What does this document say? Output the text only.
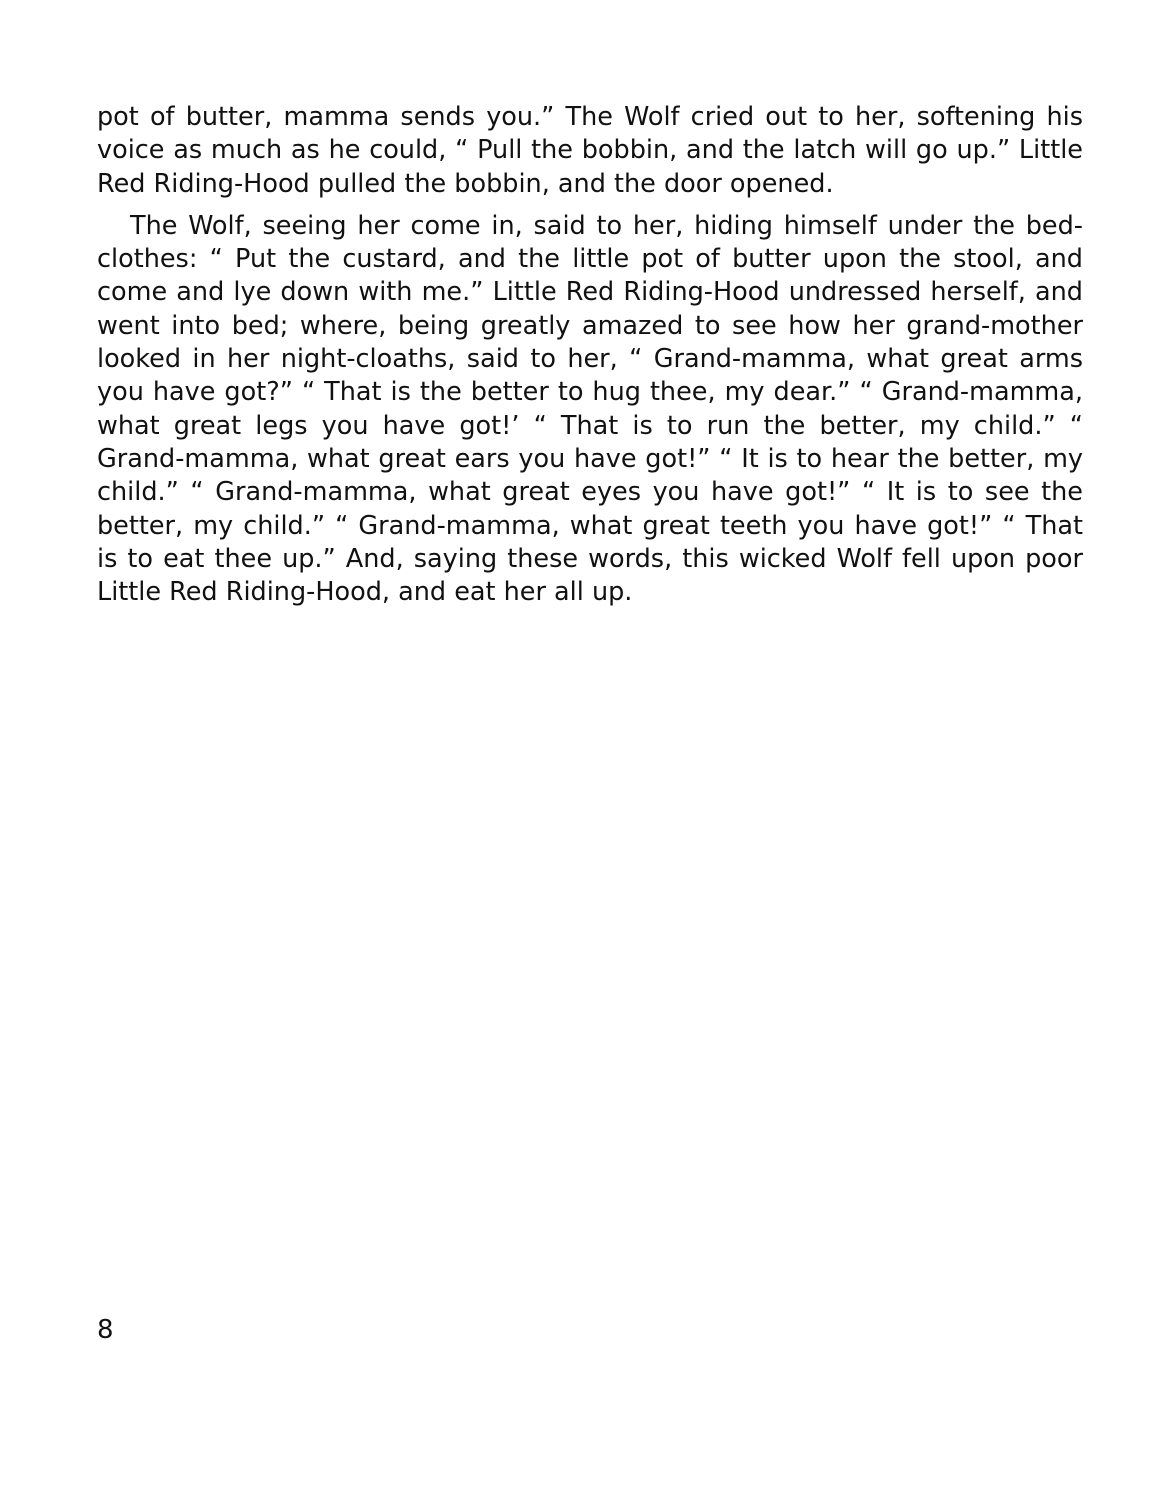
pot of butter, mamma sends you.” The Wolf cried out to her, softening his voice as much as he could, “ Pull the bobbin, and the latch will go up.” Little Red Riding-Hood pulled the bobbin, and the door opened.

The Wolf, seeing her come in, said to her, hiding himself under the bed-clothes: “ Put the custard, and the little pot of butter upon the stool, and come and lye down with me.” Little Red Riding-Hood undressed herself, and went into bed; where, being greatly amazed to see how her grand-mother looked in her night-cloaths, said to her, “ Grand-mamma, what great arms you have got?” “ That is the better to hug thee, my dear.” “ Grand-mamma, what great legs you have got!’ “ That is to run the better, my child.” “ Grand-mamma, what great ears you have got!” “ It is to hear the better, my child.” “ Grand-mamma, what great eyes you have got!” “ It is to see the better, my child.” “ Grand-mamma, what great teeth you have got!” “ That is to eat thee up.” And, saying these words, this wicked Wolf fell upon poor Little Red Riding-Hood, and eat her all up.

8
